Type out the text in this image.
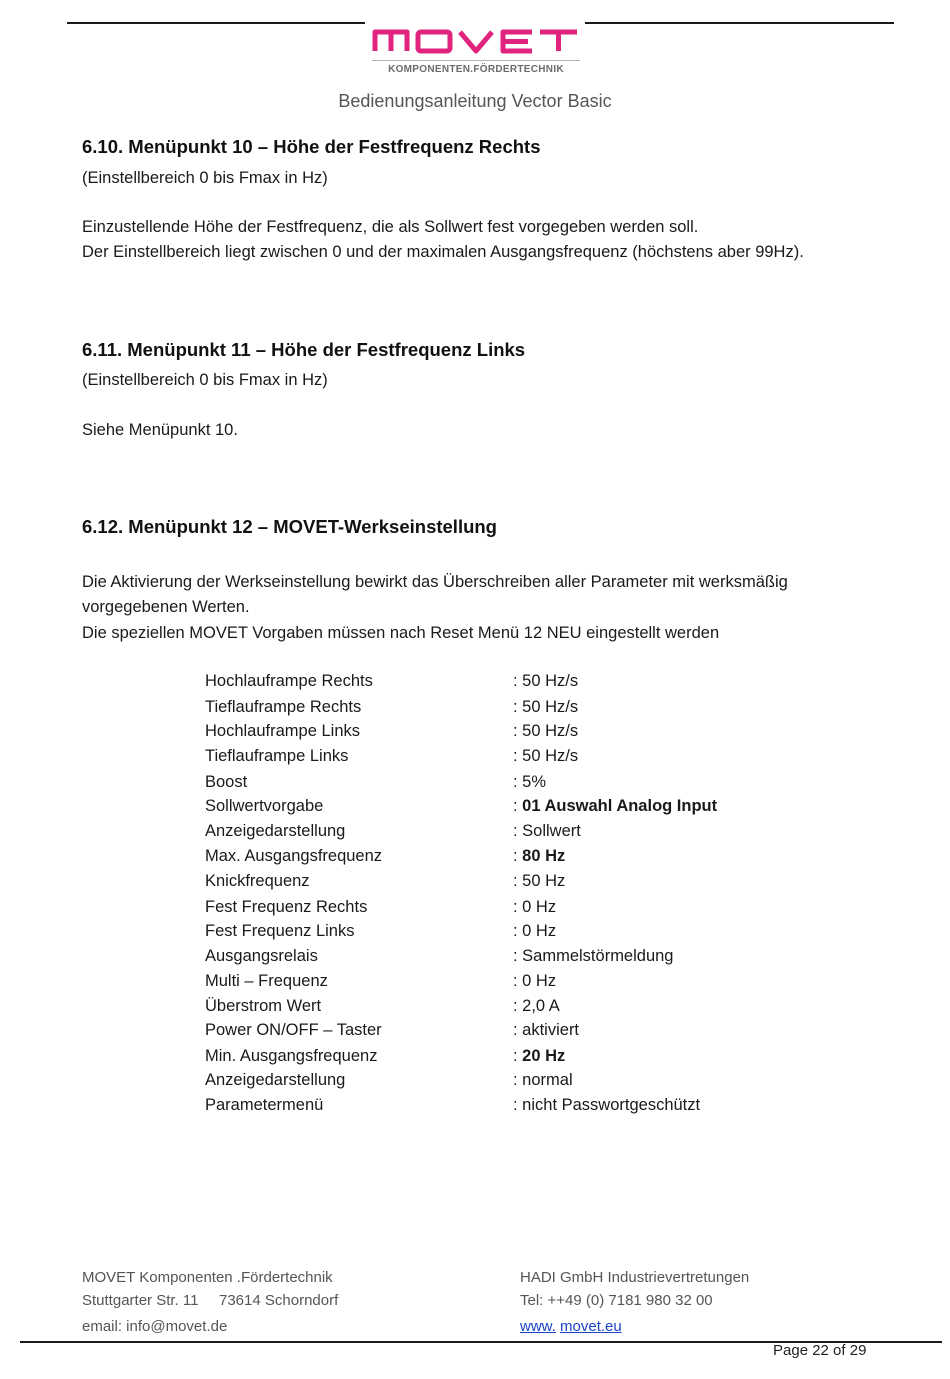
KOMPONENTEN.FÖRDERTECHNIK
Bedienungsanleitung Vector Basic
6.10. Menüpunkt 10 – Höhe der Festfrequenz Rechts
(Einstellbereich 0 bis Fmax in Hz)
Einzustellende Höhe der Festfrequenz, die als Sollwert fest vorgegeben werden soll.
Der Einstellbereich liegt zwischen 0 und der maximalen Ausgangsfrequenz (höchstens aber 99Hz).
6.11. Menüpunkt 11 – Höhe der Festfrequenz Links
(Einstellbereich 0 bis Fmax in Hz)
Siehe Menüpunkt 10.
6.12. Menüpunkt 12 – MOVET-Werkseinstellung
Die Aktivierung der Werkseinstellung bewirkt das Überschreiben aller Parameter mit werksmäßig
vorgegebenen Werten.
Die speziellen MOVET Vorgaben müssen nach Reset Menü 12 NEU eingestellt werden
Hochlauframpe Rechts	: 50 Hz/s
Tieflauframpe Rechts	: 50 Hz/s
Hochlauframpe Links	: 50 Hz/s
Tieflauframpe Links	: 50 Hz/s
Boost	: 5%
Sollwertvorgabe	: 01 Auswahl Analog Input
Anzeigedarstellung	: Sollwert
Max. Ausgangsfrequenz	: 80 Hz
Knickfrequenz	: 50 Hz
Fest Frequenz Rechts	: 0 Hz
Fest Frequenz Links	: 0 Hz
Ausgangsrelais	: Sammelstörmeldung
Multi – Frequenz	: 0 Hz
Überstrom Wert	: 2,0 A
Power ON/OFF – Taster	: aktiviert
Min. Ausgangsfrequenz	: 20 Hz
Anzeigedarstellung	: normal
Parametermenü	: nicht Passwortgeschützt
MOVET Komponenten .Fördertechnik
Stuttgarter Str. 11 73614 Schorndorf
email: info@movet.de
HADI GmbH Industrievertretungen
Tel: ++49 (0) 7181 980 32 00
www. movet.eu
Page 22 of 29
